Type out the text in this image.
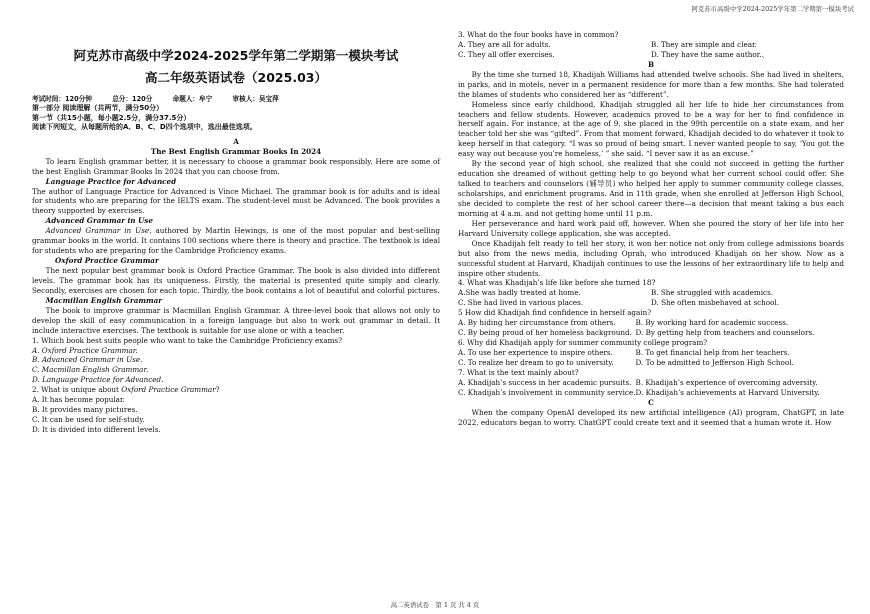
阿克苏市高级中学2024-2025学年第二学期第一模块考试
阿克苏市高级中学2024-2025学年第二学期第一模块考试
高二年级英语试卷（2025.03）
考试时间：120分钟	总分：120分	命题人：牟宁	审核人：吴宝萍
第一部分 阅读理解（共两节，满分50分）
第一节（共15小题，每小题2.5分，满分37.5分）
阅读下列短文，从每题所给的A、B、C、D四个选项中，选出最佳选项。
A
The Best English Grammar Books In 2024

To learn English grammar better, it is necessary to choose a grammar book responsibly. Here are some of the best English Grammar Books In 2024 that you can choose from.

Language Practice for Advanced

The author of Language Practice for Advanced is Vince Michael. The grammar book is for adults and is ideal for students who are preparing for the IELTS exam. The student-level must be Advanced. The book provides a theory supported by exercises.

Advanced Grammar in Use

Advanced Grammar in Use, authored by Martin Hewings, is one of the most popular and best-selling grammar books in the world. It contains 100 sections where there is theory and practice. The textbook is ideal for students who are preparing for the Cambridge Proficiency exams.

Oxford Practice Grammar

The next popular best grammar book is Oxford Practice Grammar. The book is also divided into different levels. The grammar book has its uniqueness. Firstly, the material is presented quite simply and clearly. Secondly, exercises are chosen for each topic. Thirdly, the book contains a lot of beautiful and colorful pictures.

Macmillan English Grammar

The book to improve grammar is Macmillan English Grammar. A three-level book that allows not only to develop the skill of easy communication in a foreign language but also to work out grammar in detail. It include interactive exercises. The textbook is suitable for use alone or with a teacher.

1. Which book best suits people who want to take the Cambridge Proficiency exams?

A. Oxford Practice Grammar.

B. Advanced Grammar in Use.

C. Macmillan English Grammar.

D. Language Practice for Advanced.

2. What is unique about Oxford Practice Grammar?

A. It has become popular.

B. It provides many pictures.

C. It can be used for self-study.

D. It is divided into different levels.

3. What do the four books have in common?

A. They are all for adults.	B. They are simple and clear.
C. They all offer exercises.	D. They have the same author.、
B

By the time she turned 18, Khadijah Williams had attended twelve schools. She had lived in shelters, in parks, and in motels, never in a permanent residence for more than a few months. She had tolerated the blames of students who considered her as “different”.

Homeless since early childhood, Khadijah struggled all her life to hide her circumstances from teachers and fellow students. However, academics proved to be a way for her to find confidence in herself again. For instance, at the age of 9, she placed in the 99th percentile on a state exam, and her teacher told her she was “gifted”. From that moment forward, Khadijah decided to do whatever it took to keep herself in that category. “I was so proud of being smart. I never wanted people to say, ‘You got the easy way out because you’re homeless,’ ” she said. “I never saw it as an excuse.”

By the second year of high school, she realized that she could not succeed in getting the further education she dreamed of without getting help to go beyond what her current school could offer. She talked to teachers and counselors (辅导员) who helped her apply to summer community college classes, scholarships, and enrichment programs. And in 11th grade, when she enrolled at Jefferson High School, she decided to complete the rest of her school career there—a decision that meant taking a bus each morning at 4 a.m. and not getting home until 11 p.m.

Her perseverance and hard work paid off, however. When she poured the story of her life into her Harvard University college application, she was accepted.

Once Khadijah felt ready to tell her story, it won her notice not only from college admissions boards but also from the news media, including Oprah, who introduced Khadijah on her show. Now as a successful student at Harvard, Khadijah continues to use the lessons of her extraordinary life to help and inspire other students.

4. What was Khadijah’s life like before she turned 18?

A.She was badly treated at home.	B. She struggled with academics.
C. She had lived in various places.	D. She often misbehaved at school.

5 How did Khadijah find confidence in herself again?

A. By hiding her circumstance from others.	B. By working hard for academic success.
C. By being proud of her homeless background. D. By getting help from teachers and counselors.

6. Why did Khadijah apply for summer community college program?

A. To use her experience to inspire others.	B. To get financial help from her teachers.
C. To realize her dream to go to university.	D. To be admitted to Jefferson High School.

7. What is the text mainly about?

A. Khadijah’s success in her academic pursuits. B. Khadijah’s experience of overcoming adversity.
C. Khadijah’s involvement in community service. D. Khadijah’s achievements at Harvard University.
C

When the company OpenAI developed its new artificial intelligence (AI) program, ChatGPT, in late 2022, educators began to worry. ChatGPT could create text and it seemed that a human wrote it. How

高二英语试卷　第 1 页 共 4 页
